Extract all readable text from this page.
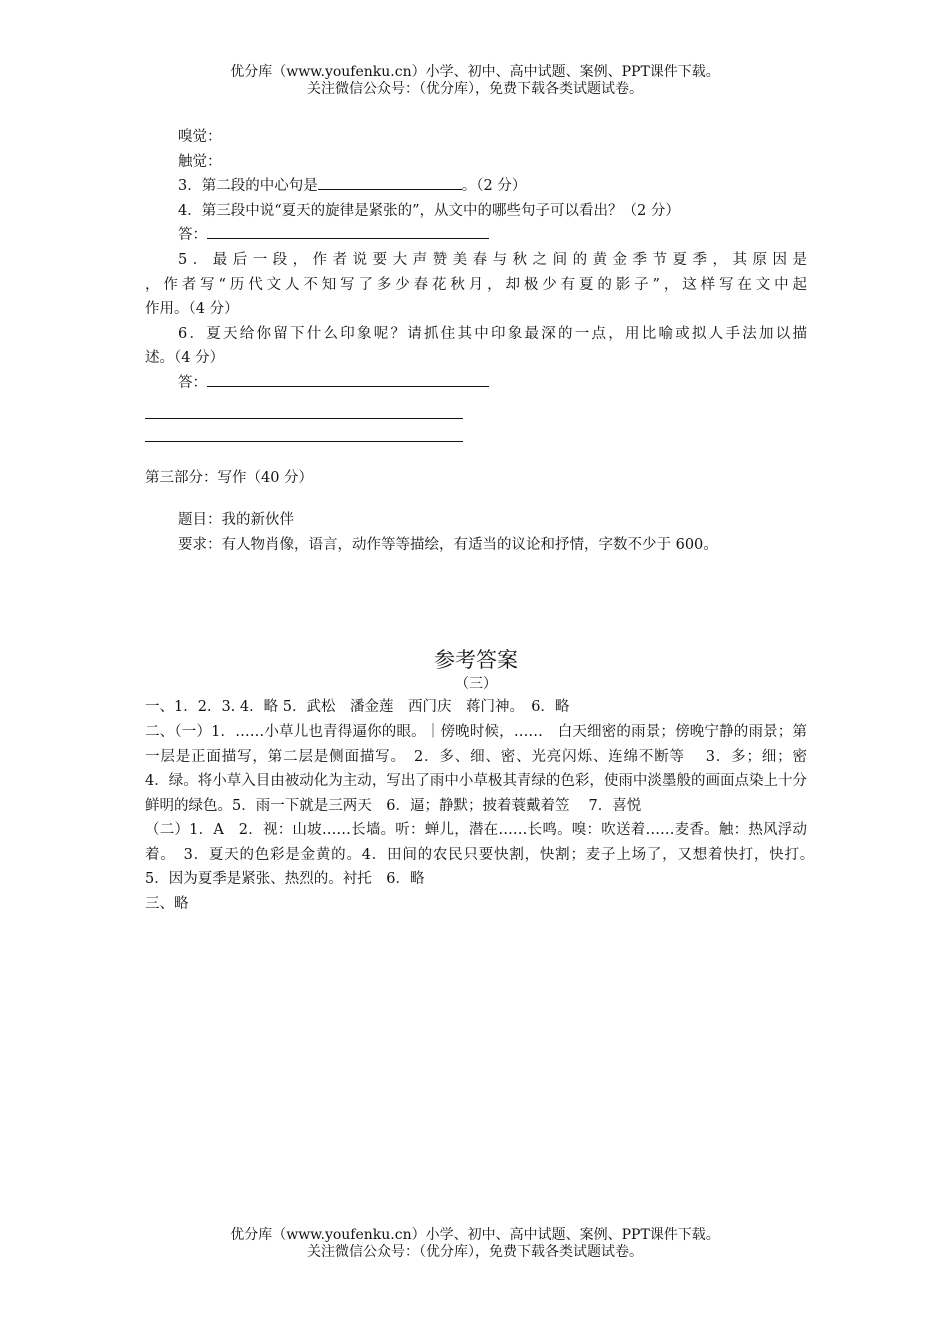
优分库（www.youfenku.cn）小学、初中、高中试题、案例、PPT课件下载。
关注微信公众号：（优分库），免费下载各类试题试卷。

嗅觉：

触觉：

3．第二段的中心句是	。（2 分）

4．第三段中说“夏天的旋律是紧张的”，从文中的哪些句子可以看出？（2 分）

答：

5．最后一段，作者说要大声赞美春与秋之间的黄金季节夏季，其原因是

，作者写“历代文人不知写了多少春花秋月，却极少有夏的影子”，这样写在文中起

作用。（4 分）

6．夏天给你留下什么印象呢？请抓住其中印象最深的一点，用比喻或拟人手法加以描

述。（4 分）

答：

第三部分：写作（40 分）

题目：我的新伙伴

要求：有人物肖像，语言，动作等等描绘，有适当的议论和抒情，字数不少于 600。

参考答案

（三）

一、1．2．3. 4．略 5．武松　潘金莲　西门庆　蒋门神。　6．略

二、（一）1．……小草儿也青得逼你的眼。｜傍晚时候，……　白天细密的雨景；傍晚宁静的雨景；第一层是正面描写，第二层是侧面描写。　2．多、细、密、光亮闪烁、连绵不断等　 3．多；细；密　 4．绿。将小草入目由被动化为主动，写出了雨中小草极其青绿的色彩，使雨中淡墨般的画面点染上十分鲜明的绿色。5．雨一下就是三两天　6．逼；静默；披着蓑戴着笠　 7．喜悦

（二）1．A　2．视：山坡……长墙。听：蝉儿，潜在……长鸣。嗅：吹送着……麦香。触：热风浮动着。　3．夏天的色彩是金黄的。4．田间的农民只要快割，快割；麦子上场了，又想着快打，快打。　5．因为夏季是紧张、热烈的。衬托　6．略

三、略

优分库（www.youfenku.cn）小学、初中、高中试题、案例、PPT课件下载。
关注微信公众号：（优分库），免费下载各类试题试卷。
